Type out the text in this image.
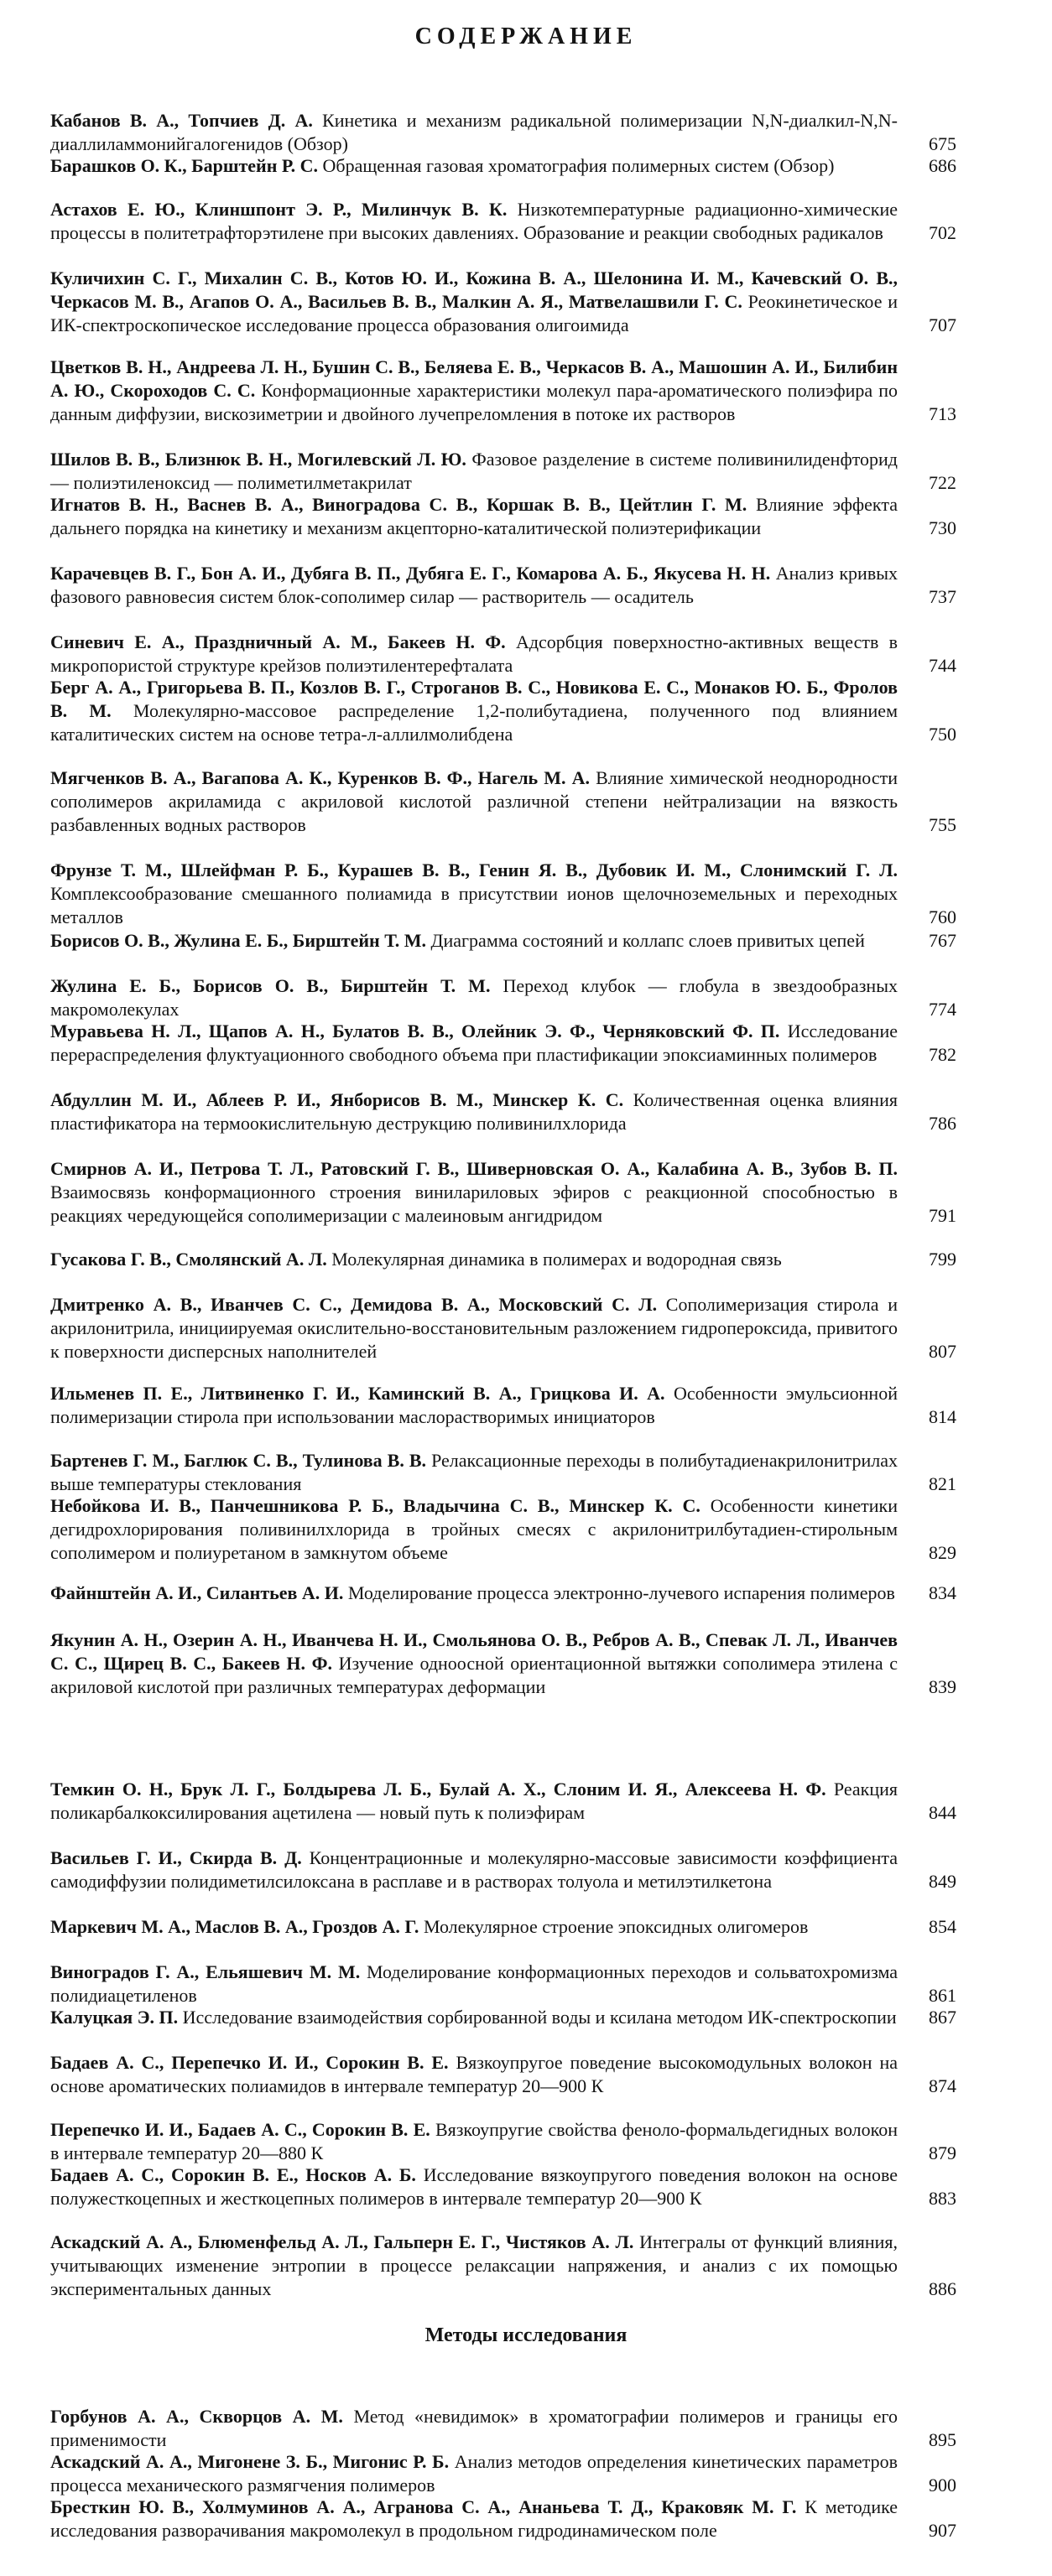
СОДЕРЖАНИЕ
Кабанов В. А., Топчиев Д. А. Кинетика и механизм радикальной полимеризации N,N-диалкил-N,N-диаллиламмонийгалогенидов (Обзор)	675
Барашков О. К., Барштейн Р. С. Обращенная газовая хроматография полимерных систем (Обзор)	686
Астахов Е. Ю., Клиншпонт Э. Р., Милинчук В. К. Низкотемпературные радиационно-химические процессы в политетрафторэтилене при высоких давлениях. Образование и реакции свободных радикалов	702
Куличихин С. Г., Михалин С. В., Котов Ю. И., Кожина В. А., Шелонина И. М., Качевский О. В., Черкасов М. В., Агапов О. А., Васильев В. В., Малкин А. Я., Матвелашвили Г. С. Реокинетическое и ИК-спектроскопическое исследование процесса образования олигоимида	707
Цветков В. Н., Андреева Л. Н., Бушин С. В., Беляева Е. В., Черкасов В. А., Машошин А. И., Билибин А. Ю., Скороходов С. С. Конформационные характеристики молекул пара-ароматического полиэфира по данным диффузии, вискозиметрии и двойного лучепреломления в потоке их растворов	713
Шилов В. В., Близнюк В. Н., Могилевский Л. Ю. Фазовое разделение в системе поливинилиденфторид — полиэтиленоксид — полиметилметакрилат	722
Игнатов В. Н., Васнев В. А., Виноградова С. В., Коршак В. В., Цейтлин Г. М. Влияние эффекта дальнего порядка на кинетику и механизм акцепторно-каталитической полиэтерификации	730
Карачевцев В. Г., Бон А. И., Дубяга В. П., Дубяга Е. Г., Комарова А. Б., Якусева Н. Н. Анализ кривых фазового равновесия систем блок-сополимер силар — растворитель — осадитель	737
Синевич Е. А., Праздничный А. М., Бакеев Н. Ф. Адсорбция поверхностно-активных веществ в микропористой структуре крейзов полиэтилентерефталата	744
Берг А. А., Григорьева В. П., Козлов В. Г., Строганов В. С., Новикова Е. С., Монаков Ю. Б., Фролов В. М. Молекулярно-массовое распределение 1,2-полибутадиена, полученного под влиянием каталитических систем на основе тетра-л-аллилмолибдена	750
Мягченков В. А., Вагапова А. К., Куренков В. Ф., Нагель М. А. Влияние химической неоднородности сополимеров акриламида с акриловой кислотой различной степени нейтрализации на вязкость разбавленных водных растворов	755
Фрунзе Т. М., Шлейфман Р. Б., Курашев В. В., Генин Я. В., Дубовик И. М., Слонимский Г. Л. Комплексообразование смешанного полиамида в присутствии ионов щелочноземельных и переходных металлов	760
Борисов О. В., Жулина Е. Б., Бирштейн Т. М. Диаграмма состояний и коллапс слоев привитых цепей	767
Жулина Е. Б., Борисов О. В., Бирштейн Т. М. Переход клубок — глобула в звездообразных макромолекулах	774
Муравьева Н. Л., Щапов А. Н., Булатов В. В., Олейник Э. Ф., Черняковский Ф. П. Исследование перераспределения флуктуационного свободного объема при пластификации эпоксиаминных полимеров	782
Абдуллин М. И., Аблеев Р. И., Янборисов В. М., Минскер К. С. Количественная оценка влияния пластификатора на термоокислительную деструкцию поливинилхлорида	786
Смирнов А. И., Петрова Т. Л., Ратовский Г. В., Шиверновская О. А., Калабина А. В., Зубов В. П. Взаимосвязь конформационного строения винилариловых эфиров с реакционной способностью в реакциях чередующейся сополимеризации с малеиновым ангидридом	791
Гусакова Г. В., Смолянский А. Л. Молекулярная динамика в полимерах и водородная связь	799
Дмитренко А. В., Иванчев С. С., Демидова В. А., Московский С. Л. Сополимеризация стирола и акрилонитрила, инициируемая окислительно-восстановительным разложением гидропероксида, привитого к поверхности дисперсных наполнителей	807
Ильменев П. Е., Литвиненко Г. И., Каминский В. А., Грицкова И. А. Особенности эмульсионной полимеризации стирола при использовании маслорастворимых инициаторов	814
Бартенев Г. М., Баглюк С. В., Тулинова В. В. Релаксационные переходы в полибутадиенакрилонитрилах выше температуры стеклования	821
Небойкова И. В., Панчешникова Р. Б., Владычина С. В., Минскер К. С. Особенности кинетики дегидрохлорирования поливинилхлорида в тройных смесях с акрилонитрилбутадиен-стирольным сополимером и полиуретаном в замкнутом объеме	829
Файнштейн А. И., Силантьев А. И. Моделирование процесса электронно-лучевого испарения полимеров 834
Якунин А. Н., Озерин А. Н., Иванчева Н. И., Смольянова О. В., Ребров А. В., Спевак Л. Л., Иванчев С. С., Щирец В. С., Бакеев Н. Ф. Изучение одноосной ориентационной вытяжки сополимера этилена с акриловой кислотой при различных температурах деформации	839
Темкин О. Н., Брук Л. Г., Болдырева Л. Б., Булай А. Х., Слоним И. Я., Алексеева Н. Ф. Реакция поликарбалкоксилирования ацетилена — новый путь к полиэфирам	844
Васильев Г. И., Скирда В. Д. Концентрационные и молекулярно-массовые зависимости коэффициента самодиффузии полидиметилсилоксана в расплаве и в растворах толуола и метилэтилкетона	849
Маркевич М. А., Маслов В. А., Гроздов А. Г. Молекулярное строение эпоксидных олигомеров	854
Виноградов Г. А., Ельяшевич М. М. Моделирование конформационных переходов и сольватохромизма полидиацетиленов	861
Калуцкая Э. П. Исследование взаимодействия сорбированной воды и ксилана методом ИК-спектроскопии 867
Бадаев А. С., Перепечко И. И., Сорокин В. Е. Вязкоупругое поведение высокомодульных волокон на основе ароматических полиамидов в интервале температур 20—900 К	874
Перепечко И. И., Бадаев А. С., Сорокин В. Е. Вязкоупругие свойства феноло-формальдегидных волокон в интервале температур 20—880 К	879
Бадаев А. С., Сорокин В. Е., Носков А. Б. Исследование вязкоупругого поведения волокон на основе полужесткоцепных и жесткоцепных полимеров в интервале температур 20—900 К	883
Аскадский А. А., Блюменфельд А. Л., Гальперн Е. Г., Чистяков А. Л. Интегралы от функций влияния, учитывающих изменение энтропии в процессе релаксации напряжения, и анализ с их помощью экспериментальных данных	886
Горбунов А. А., Скворцов А. М. Метод «невидимок» в хроматографии полимеров и границы его применимости	895
Аскадский А. А., Мигонене З. Б., Мигонис Р. Б. Анализ методов определения кинетических параметров процесса механического размягчения полимеров	900
Бресткин Ю. В., Холмуминов А. А., Агранова С. А., Ананьева Т. Д., Краковяк М. Г. К методике исследования разворачивания макромолекул в продольном гидродинамическом поле	907
Методы исследования
